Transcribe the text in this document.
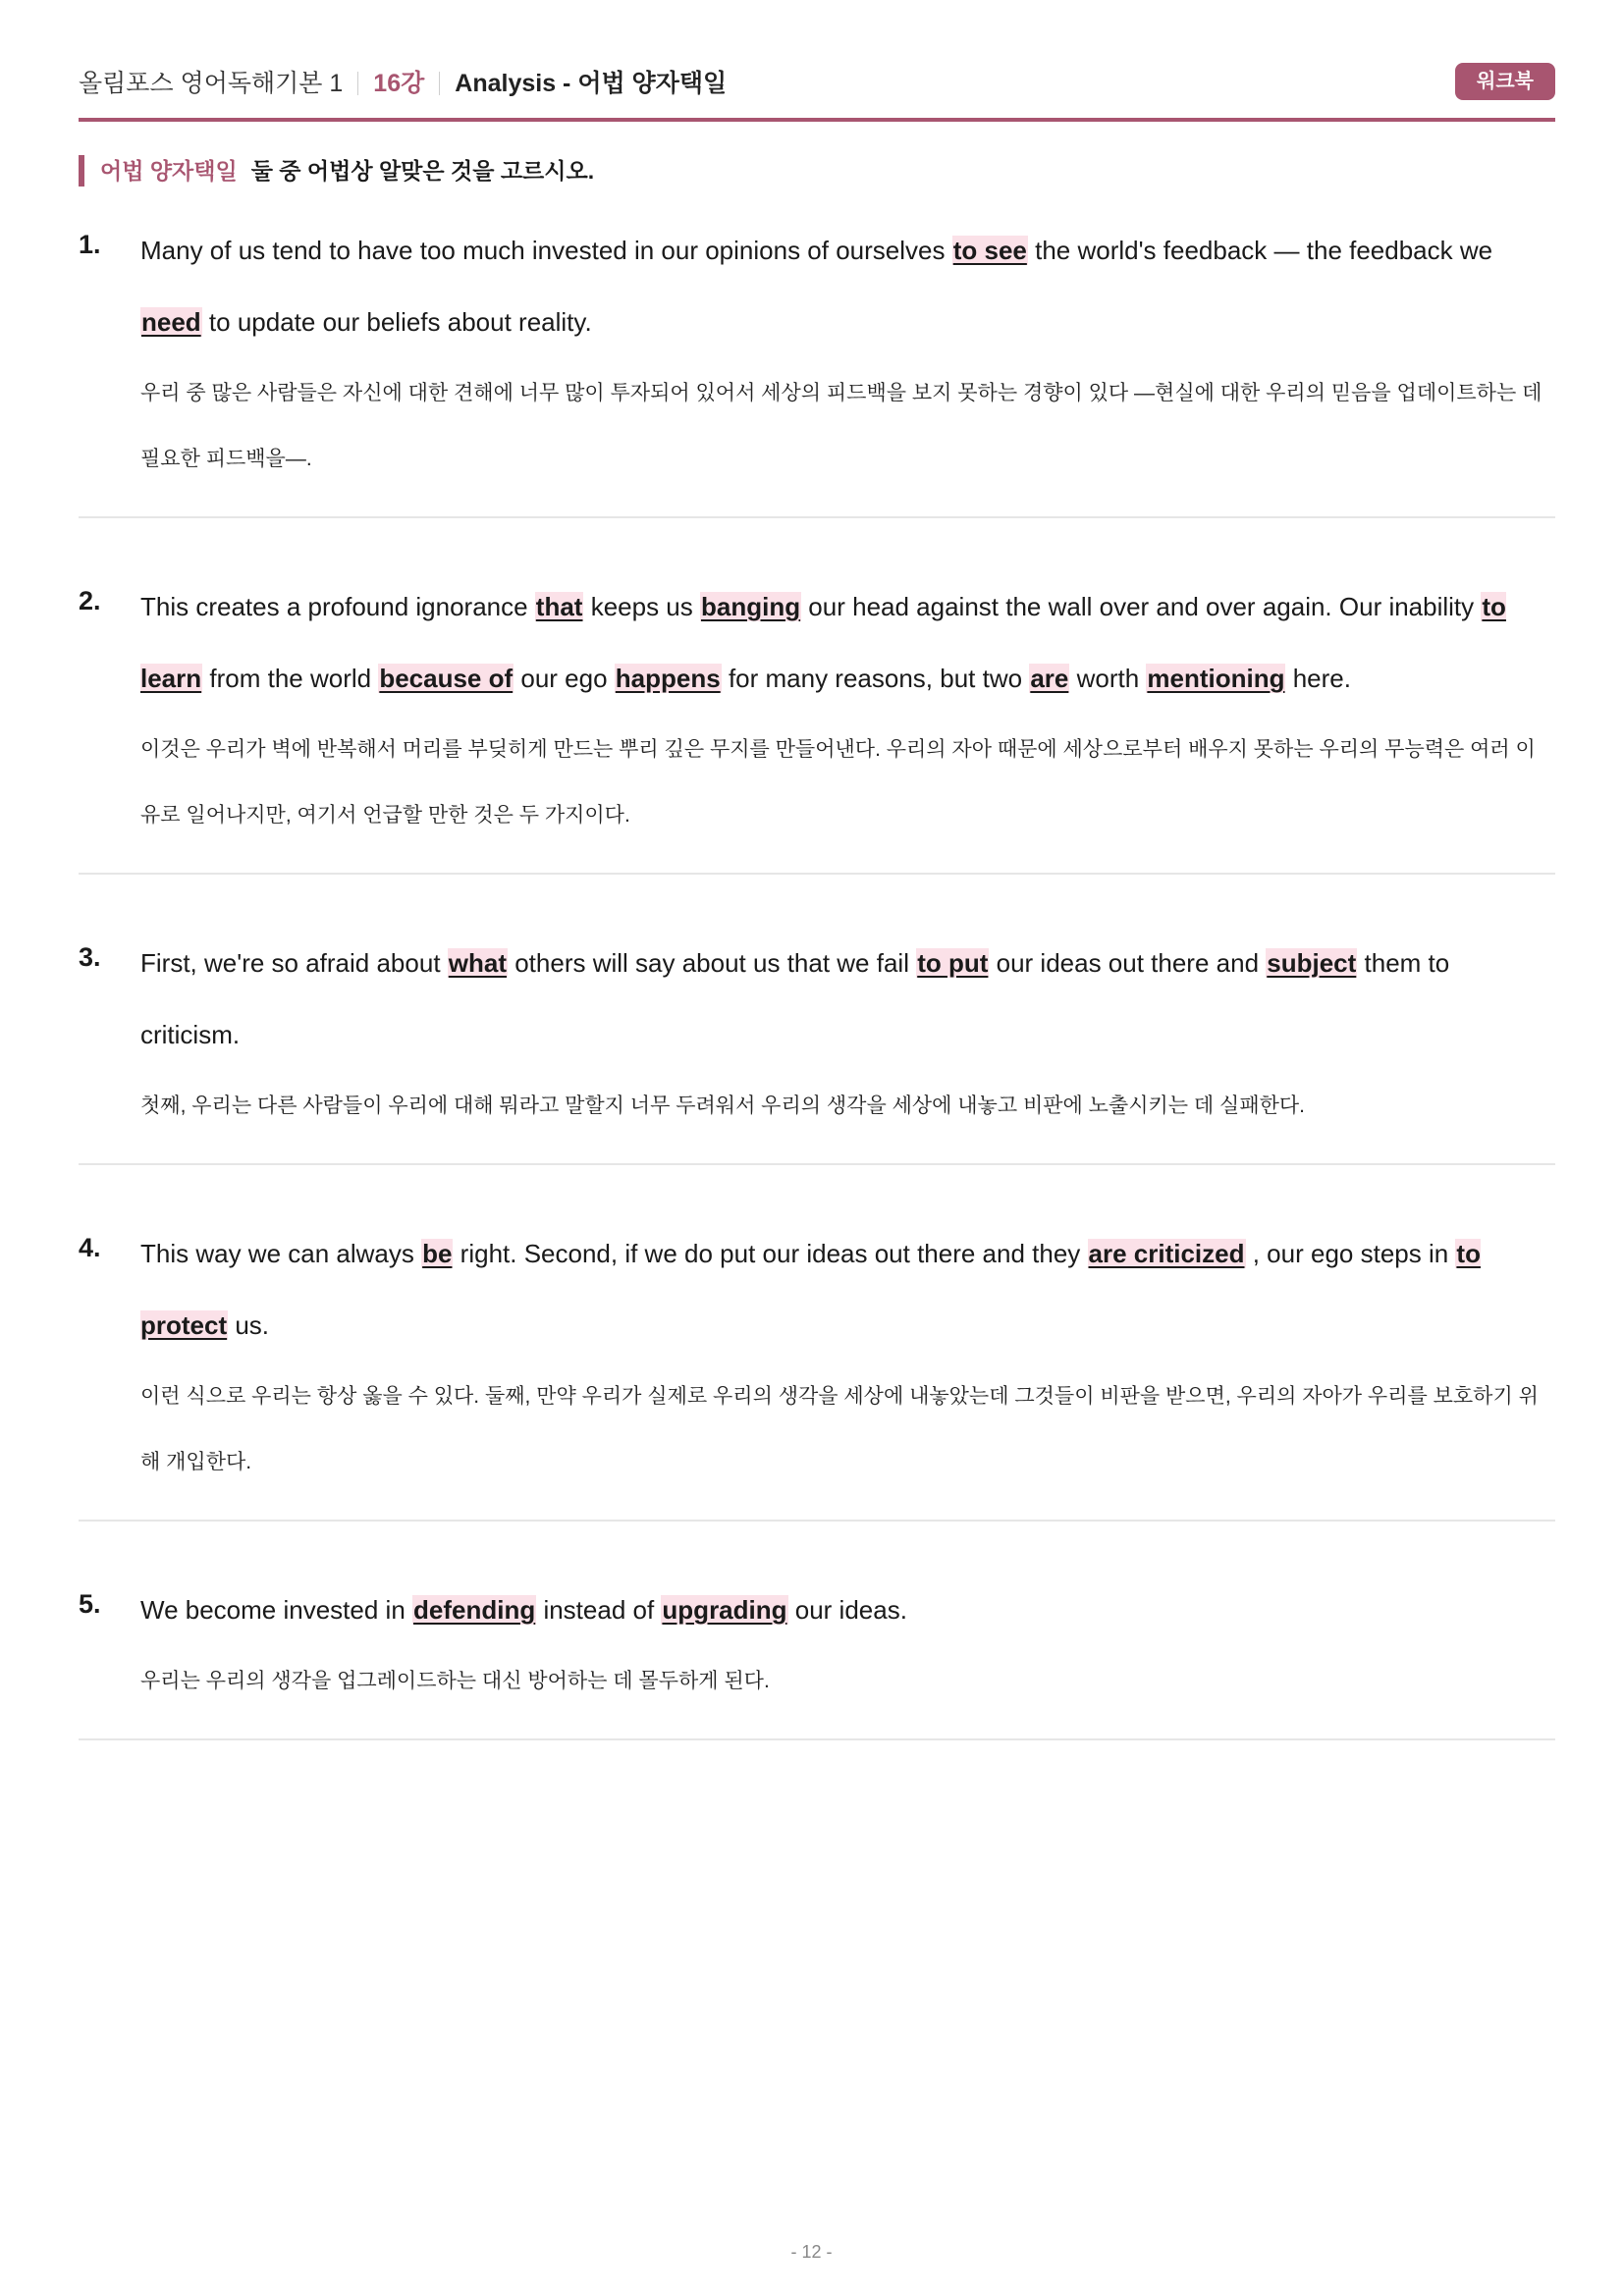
올림포스 영어독해기본 1 16강 Analysis - 어법 양자택일	워크북
어법 양자택일 둘 중 어법상 알맞은 것을 고르시오.
1. Many of us tend to have too much invested in our opinions of ourselves to see the world's feedback — the feedback we need to update our beliefs about reality.
우리 중 많은 사람들은 자신에 대한 견해에 너무 많이 투자되어 있어서 세상의 피드백을 보지 못하는 경향이 있다 —현실에 대한 우리의 믿음을 업데이트하는 데 필요한 피드백을—.
2. This creates a profound ignorance that keeps us banging our head against the wall over and over again. Our inability to learn from the world because of our ego happens for many reasons, but two are worth mentioning here.
이것은 우리가 벽에 반복해서 머리를 부딪히게 만드는 뿌리 깊은 무지를 만들어낸다. 우리의 자아 때문에 세상으로부터 배우지 못하는 우리의 무능력은 여러 이유로 일어나지만, 여기서 언급할 만한 것은 두 가지이다.
3. First, we're so afraid about what others will say about us that we fail to put our ideas out there and subject them to criticism.
첫째, 우리는 다른 사람들이 우리에 대해 뭐라고 말할지 너무 두려워서 우리의 생각을 세상에 내놓고 비판에 노출시키는 데 실패한다.
4. This way we can always be right. Second, if we do put our ideas out there and they are criticized , our ego steps in to protect us.
이런 식으로 우리는 항상 옳을 수 있다. 둘째, 만약 우리가 실제로 우리의 생각을 세상에 내놓았는데 그것들이 비판을 받으면, 우리의 자아가 우리를 보호하기 위해 개입한다.
5. We become invested in defending instead of upgrading our ideas.
우리는 우리의 생각을 업그레이드하는 대신 방어하는 데 몰두하게 된다.
- 12 -
